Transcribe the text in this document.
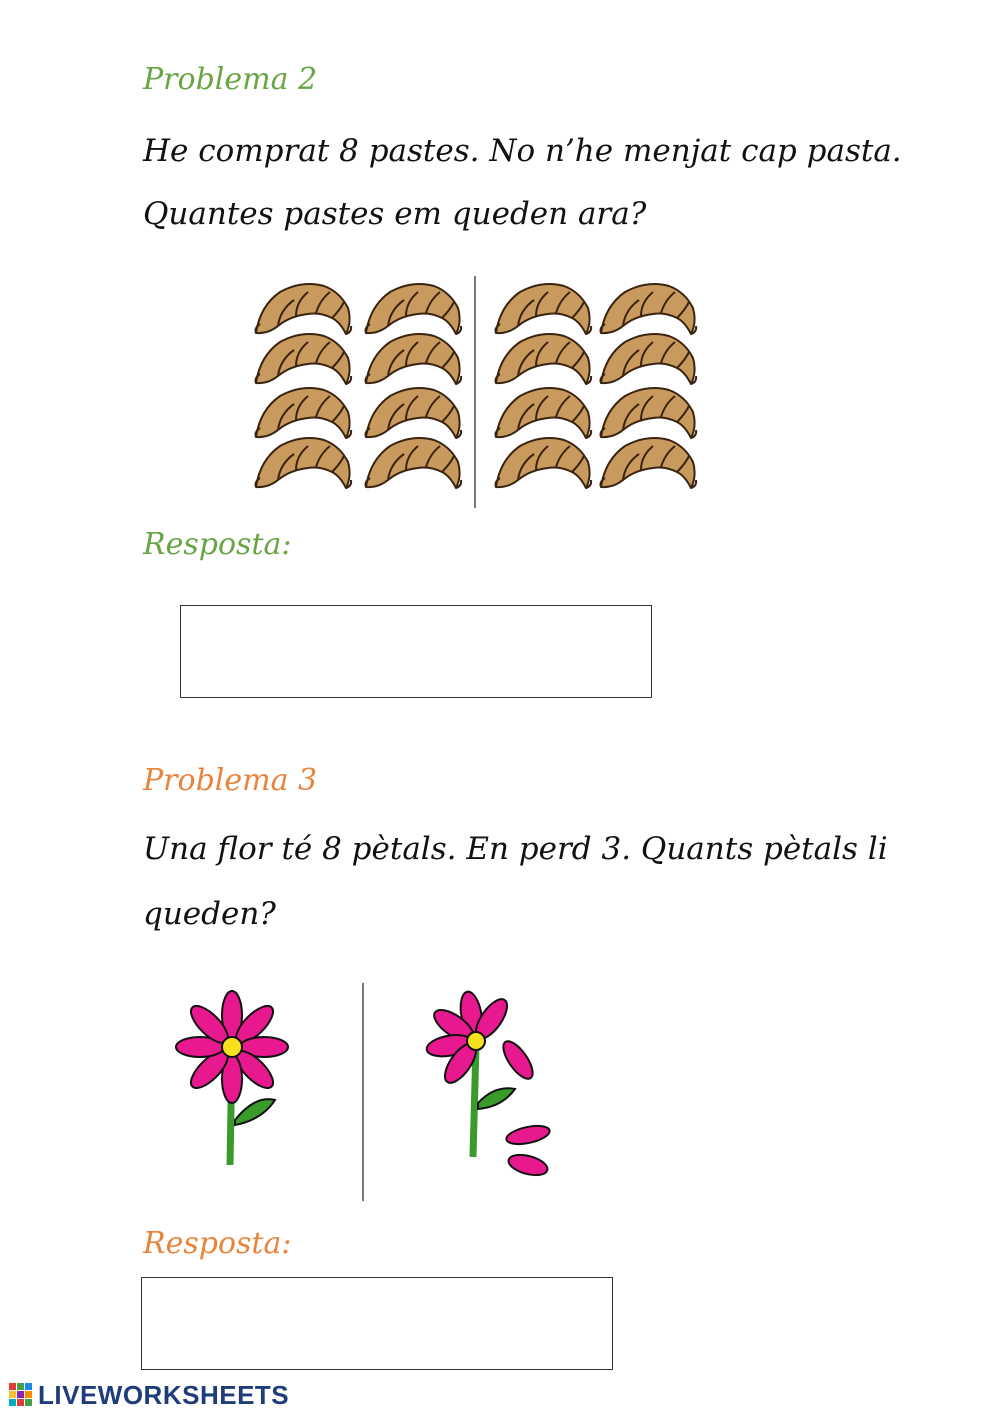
Problema 2
He comprat 8 pastes. No n’he menjat cap pasta.
Quantes pastes em queden ara?
Resposta:
Problema 3
Una flor té 8 pètals. En perd 3. Quants pètals li
queden?
Resposta:
LIVEWORKSHEETS
